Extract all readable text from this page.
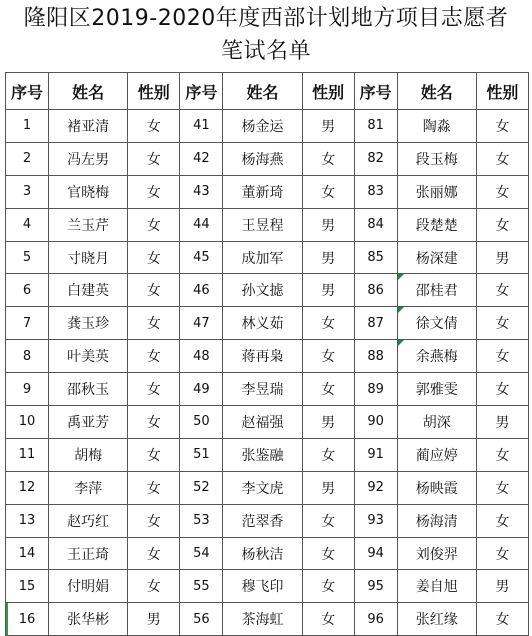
隆阳区2019-2020年度西部计划地方项目志愿者
笔试名单
序号	姓名	性别	序号	姓名	性别	序号	姓名	性别
1	褚亚清	女	41	杨金运	男	81	陶淼	女
2	冯左男	女	42	杨海燕	女	82	段玉梅	女
3	官晓梅	女	43	董新琦	女	83	张丽娜	女
4	兰玉芹	女	44	王昱程	男	84	段楚楚	女
5	寸晓月	女	45	成加军	男	85	杨深建	男
6	白建英	女	46	孙文摅	男	86	邵桂君	女
7	龚玉珍	女	47	林义茹	女	87	徐文倩	女
8	叶美英	女	48	蒋再枭	女	88	余燕梅	女
9	邵秋玉	女	49	李昱瑞	女	89	郭雅雯	女
10	禹亚芳	女	50	赵福强	男	90	胡深	男
11	胡梅	女	51	张鉴融	女	91	蔺应婷	女
12	李萍	女	52	李文虎	男	92	杨映霞	女
13	赵巧红	女	53	范翠香	女	93	杨海清	女
14	王正琦	女	54	杨秋洁	女	94	刘俊羿	女
15	付明娟	女	55	穆飞印	女	95	姜自旭	男
16	张华彬	男	56	茶海虹	女	96	张红缘	女
